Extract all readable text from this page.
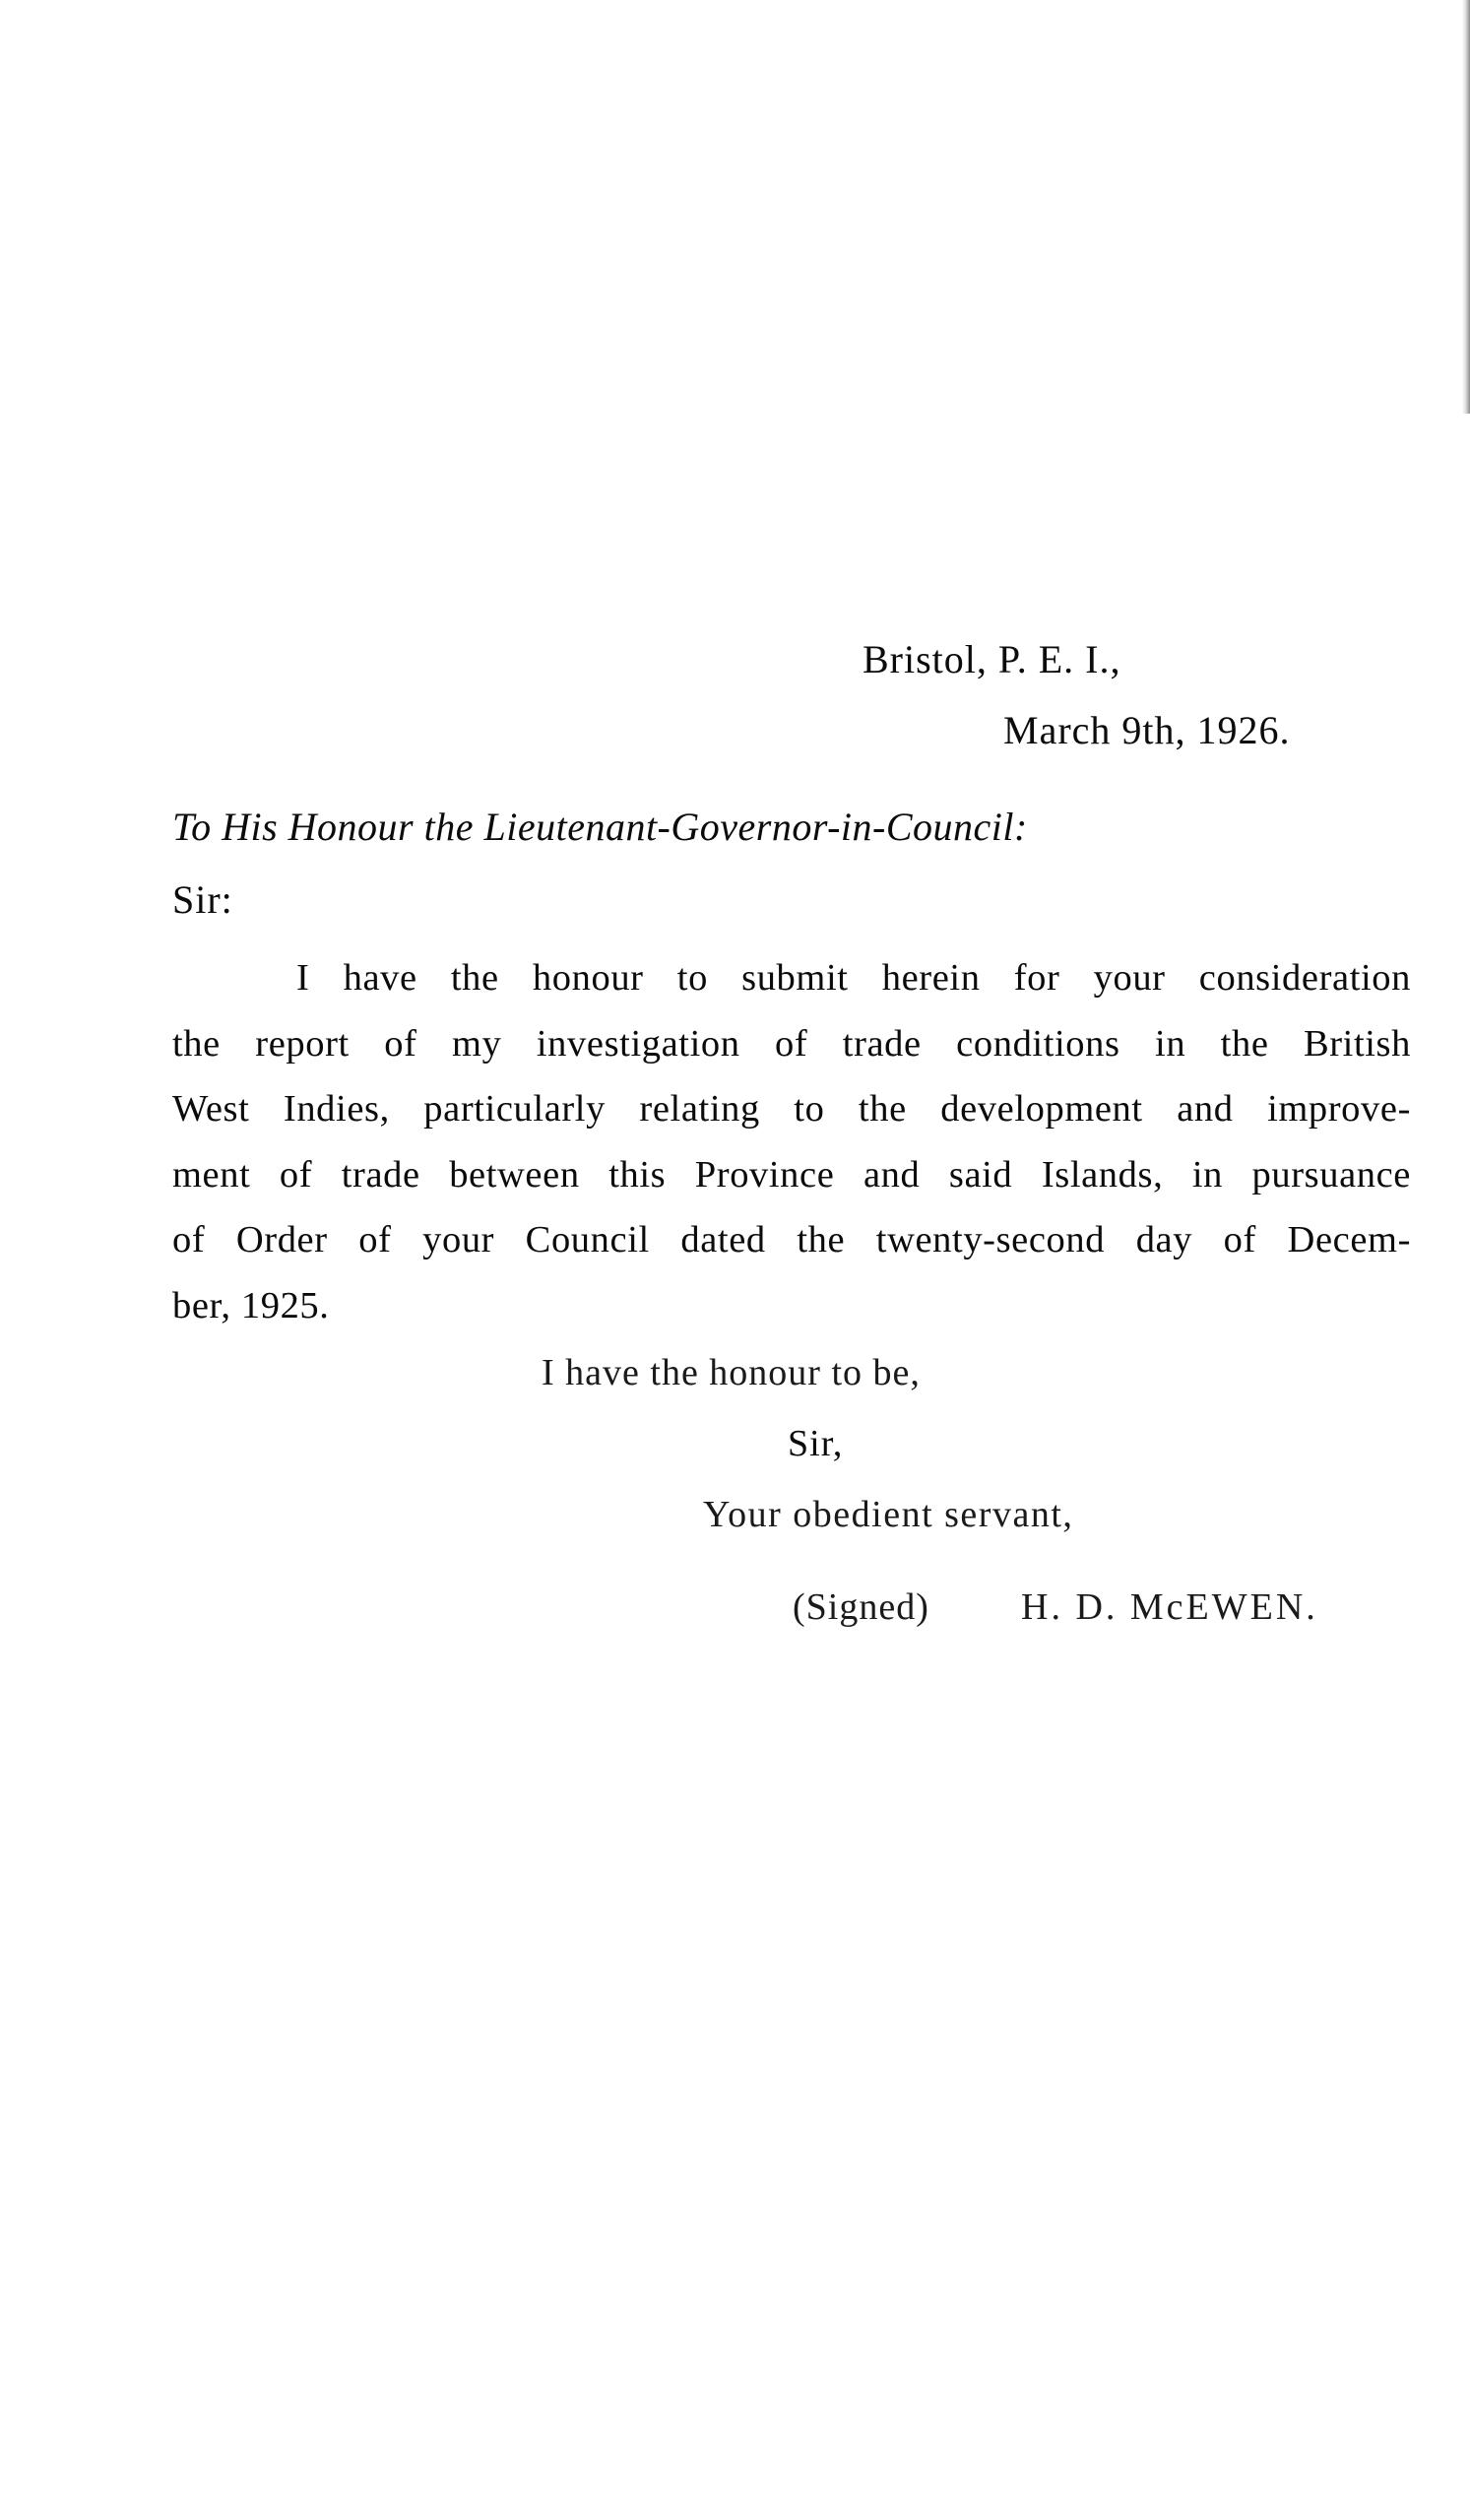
Bristol, P. E. I.,

March 9th, 1926.

To His Honour the Lieutenant-Governor-in-Council:

Sir:

I have the honour to submit herein for your consideration
the report of my investigation of trade conditions in the British
West Indies, particularly relating to the development and improve-
ment of trade between this Province and said Islands, in pursuance
of Order of your Council dated the twenty-second day of Decem-
ber, 1925.

I have the honour to be,

Sir,

Your obedient servant,

(Signed) H. D. McEWEN.
